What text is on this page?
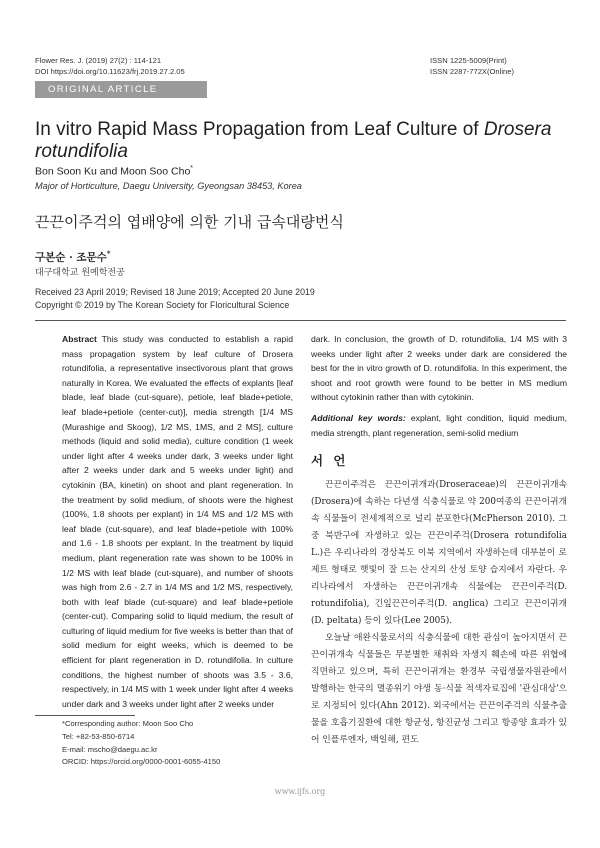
Flower Res. J. (2019) 27(2) : 114-121
DOI https://doi.org/10.11623/frj.2019.27.2.05
ISSN 1225-5009(Print)
ISSN 2287-772X(Online)
ORIGINAL ARTICLE
In vitro Rapid Mass Propagation from Leaf Culture of Drosera rotundifolia
Bon Soon Ku and Moon Soo Cho*
Major of Horticulture, Daegu University, Gyeongsan 38453, Korea
끈끈이주걱의 엽배양에 의한 기내 급속대량번식
구본순 · 조문수*
대구대학교 원예학전공
Received 23 April 2019; Revised 18 June 2019; Accepted 20 June 2019
Copyright © 2019 by The Korean Society for Floricultural Science
Abstract This study was conducted to establish a rapid mass propagation system by leaf culture of Drosera rotundifolia, a representative insectivorous plant that grows naturally in Korea. We evaluated the effects of explants [leaf blade, leaf blade (cut-square), petiole, leaf blade+petiole, leaf blade+petiole (center-cut)], media strength [1/4 MS (Murashige and Skoog), 1/2 MS, 1MS, and 2 MS], culture methods (liquid and solid media), culture condition (1 week under light after 4 weeks under dark, 3 weeks under light after 2 weeks under dark and 5 weeks under light) and cytokinin (BA, kinetin) on shoot and plant regeneration. In the treatment by solid medium, of shoots were the highest (100%, 1.8 shoots per explant) in 1/4 MS and 1/2 MS with leaf blade (cut-square), and leaf blade+petiole with 100% and 1.6 - 1.8 shoots per explant. In the treatment by liquid medium, plant regeneration rate was shown to be 100% in 1/2 MS with leaf blade (cut-square), and number of shoots was high from 2.6 - 2.7 in 1/4 MS and 1/2 MS, respectively, both with leaf blade (cut-square) and leaf blade+petiole (center-cut). Comparing solid to liquid medium, the result of culturing of liquid medium for five weeks is better than that of solid medium for eight weeks, which is deemed to be efficient for plant regeneration in D. rotundifolia. In culture conditions, the highest number of shoots was 3.5 - 3.6, respectively, in 1/4 MS with 1 week under light after 4 weeks under dark and 3 weeks under light after 2 weeks under
dark. In conclusion, the growth of D. rotundifolia, 1/4 MS with 3 weeks under light after 2 weeks under dark are considered the best for the in vitro growth of D. rotundifolia. In this experiment, the shoot and root growth were found to be better in MS medium without cytokinin rather than with cytokinin.
Additional key words: explant, light condition, liquid medium, media strength, plant regeneration, semi-solid medium
서 언
끈끈이주걱은 끈끈이귀개과(Droseraceae)의 끈끈이귀개속(Drosera)에 속하는 다년생 식충식물로 약 200여종의 끈끈이귀개속 식물들이 전세계적으로 널리 분포한다(McPherson 2010). 그 중 북반구에 자생하고 있는 끈끈이주걱(Drosera rotundifolia L.)은 우리나라의 경상북도 이북 지역에서 자생하는데 대부분이 로제트 형태로 햇빛이 잘 드는 산지의 산성 토양 습지에서 자란다. 우리나라에서 자생하는 끈끈이귀개속 식물에는 끈끈이주걱(D. rotundifolia), 긴잎끈끈이주걱(D. anglica) 그리고 끈끈이귀개(D. peltata) 등이 있다(Lee 2005).
오늘날 애완식물로서의 식충식물에 대한 관심이 높아지면서 끈끈이귀개속 식물들은 무분별한 채취와 자생지 훼손에 따른 위협에 직면하고 있으며, 특히 끈끈이귀개는 환경부 국립생물자원관에서 발행하는 한국의 멸종위기 야생 동·식물 적색자료집에 '관심대상'으로 지정되어 있다(Ahn 2012). 외국에서는 끈끈이주걱의 식물추출물을 호흡기질환에 대한 항균성, 항진균성 그리고 항종양 효과가 있어 인플루엔자, 백일해, 편도
*Corresponding author: Moon Soo Cho
Tel: +82-53-850-6714
E-mail: mscho@daegu.ac.kr
ORCID: https://orcid.org/0000-0001-6055-4150
www.ijfs.org
